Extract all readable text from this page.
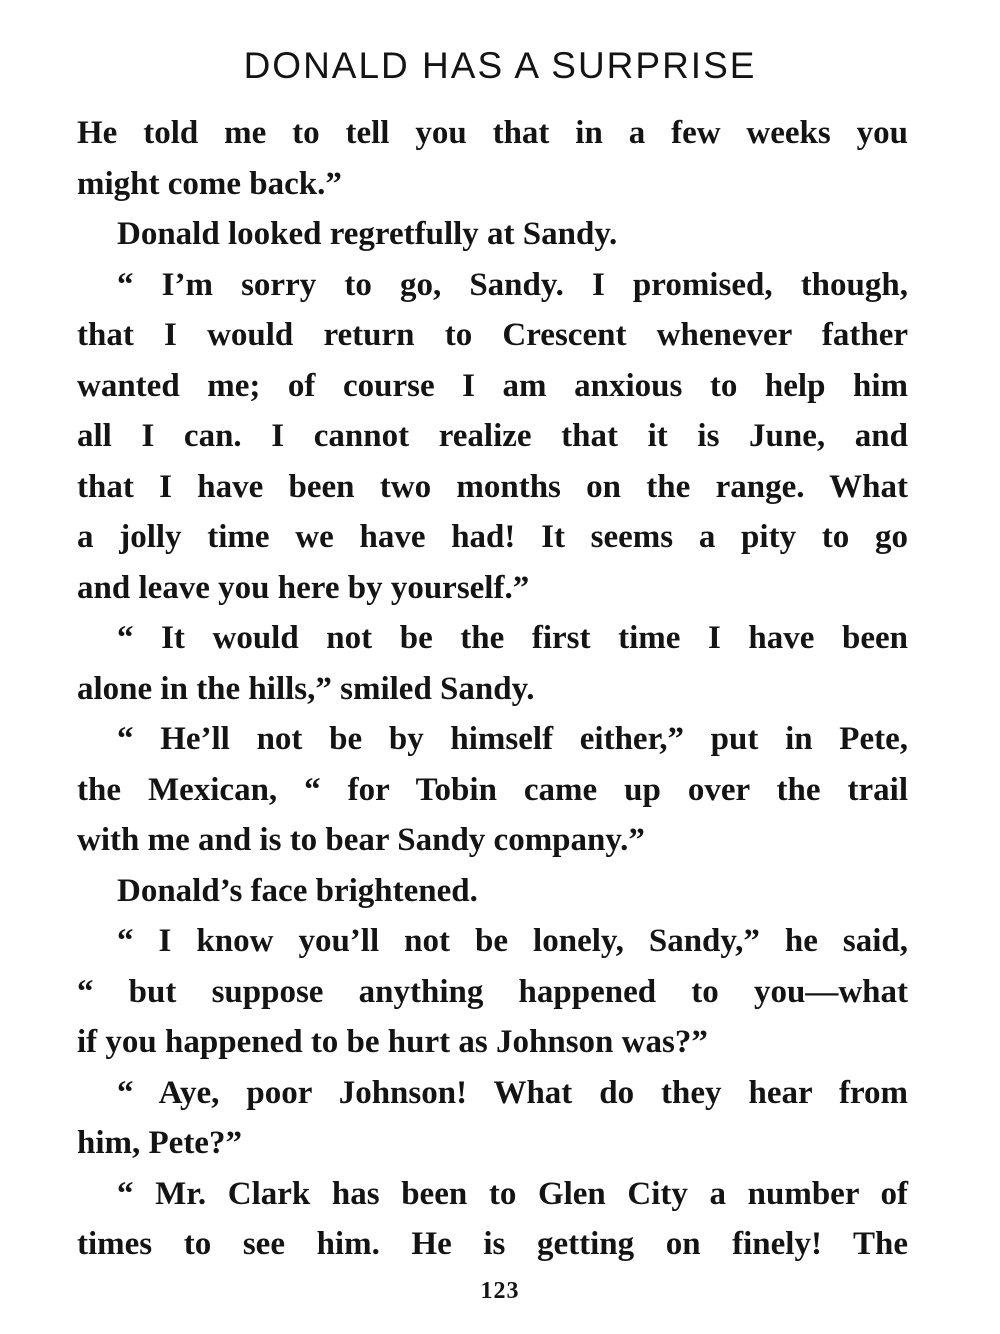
DONALD HAS A SURPRISE
He told me to tell you that in a few weeks you
might come back.”
Donald looked regretfully at Sandy.
“ I’m sorry to go, Sandy. I promised, though,
that I would return to Crescent whenever father
wanted me; of course I am anxious to help him
all I can. I cannot realize that it is June, and
that I have been two months on the range. What
a jolly time we have had! It seems a pity to go
and leave you here by yourself.”
“ It would not be the first time I have been
alone in the hills,” smiled Sandy.
“ He’ll not be by himself either,” put in Pete,
the Mexican, “ for Tobin came up over the trail
with me and is to bear Sandy company.”
Donald’s face brightened.
“ I know you’ll not be lonely, Sandy,” he said,
“ but suppose anything happened to you—what
if you happened to be hurt as Johnson was?”
“ Aye, poor Johnson! What do they hear from
him, Pete?”
“ Mr. Clark has been to Glen City a number of
times to see him. He is getting on finely! The
123
